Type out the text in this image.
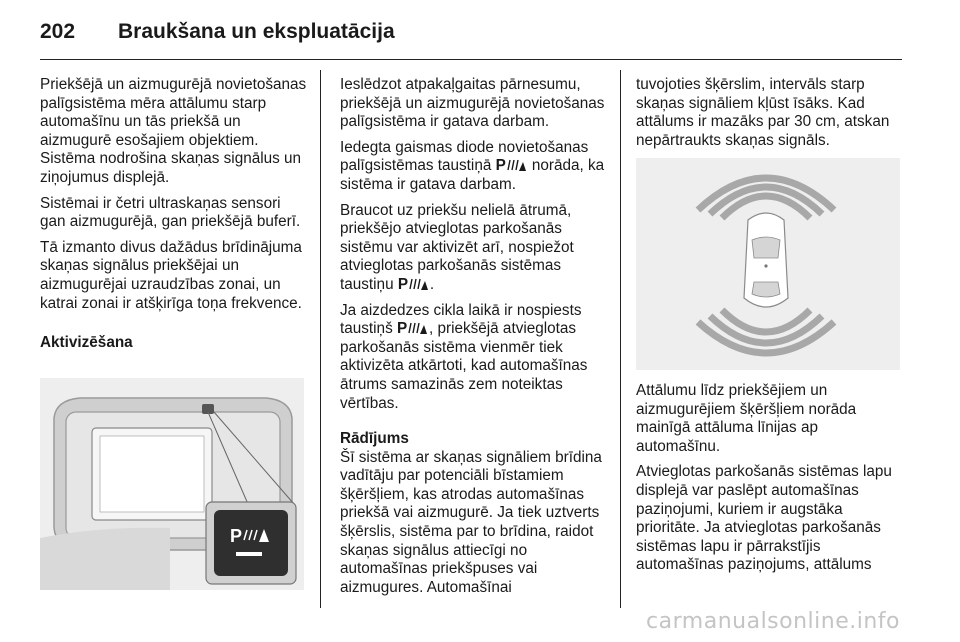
202 Braukšana un ekspluatācija

Priekšējā un aizmugurējā novietošanas palīgsistēma mēra attālumu starp automašīnu un tās priekšā un aizmugurē esošajiem objektiem. Sistēma nodrošina skaņas signālus un ziņojumus displejā.

Sistēmai ir četri ultraskaņas sensori gan aizmugurējā, gan priekšējā buferī.

Tā izmanto divus dažādus brīdinājuma skaņas signālus priekšējai un aizmugurējai uzraudzības zonai, un katrai zonai ir atšķirīga toņa frekvence.

Aktivizēšana

Ieslēdzot atpakaļgaitas pārnesumu, priekšējā un aizmugurējā novietošanas palīgsistēma ir gatava darbam.

Iedegta gaismas diode novietošanas palīgsistēmas taustiņā P norāda, ka sistēma ir gatava darbam.

Braucot uz priekšu nelielā ātrumā, priekšējo atvieglotas parkošanās sistēmu var aktivizēt arī, nospiežot atvieglotas parkošanās sistēmas taustiņu P .

Ja aizdedzes cikla laikā ir nospiests taustiņš P , priekšējā atvieglotas parkošanās sistēma vienmēr tiek aktivizēta atkārtoti, kad automašīnas ātrums samazinās zem noteiktas vērtības.

Rādījums

Šī sistēma ar skaņas signāliem brīdina vadītāju par potenciāli bīstamiem šķēršļiem, kas atrodas automašīnas priekšā vai aizmugurē. Ja tiek uztverts šķērslis, sistēma par to brīdina, raidot skaņas signālus attiecīgi no automašīnas priekšpuses vai aizmugures. Automašīnai

tuvojoties šķērslim, intervāls starp skaņas signāliem kļūst īsāks. Kad attālums ir mazāks par 30 cm, atskan nepārtraukts skaņas signāls.

Attālumu līdz priekšējiem un aizmugurējiem šķēršļiem norāda mainīgā attāluma līnijas ap automašīnu.

Atvieglotas parkošanās sistēmas lapu displejā var paslēpt automašīnas paziņojumi, kuriem ir augstāka prioritāte. Ja atvieglotas parkošanās sistēmas lapu ir pārrakstījis automašīnas paziņojums, attālums

P
carmanualsonline.info
